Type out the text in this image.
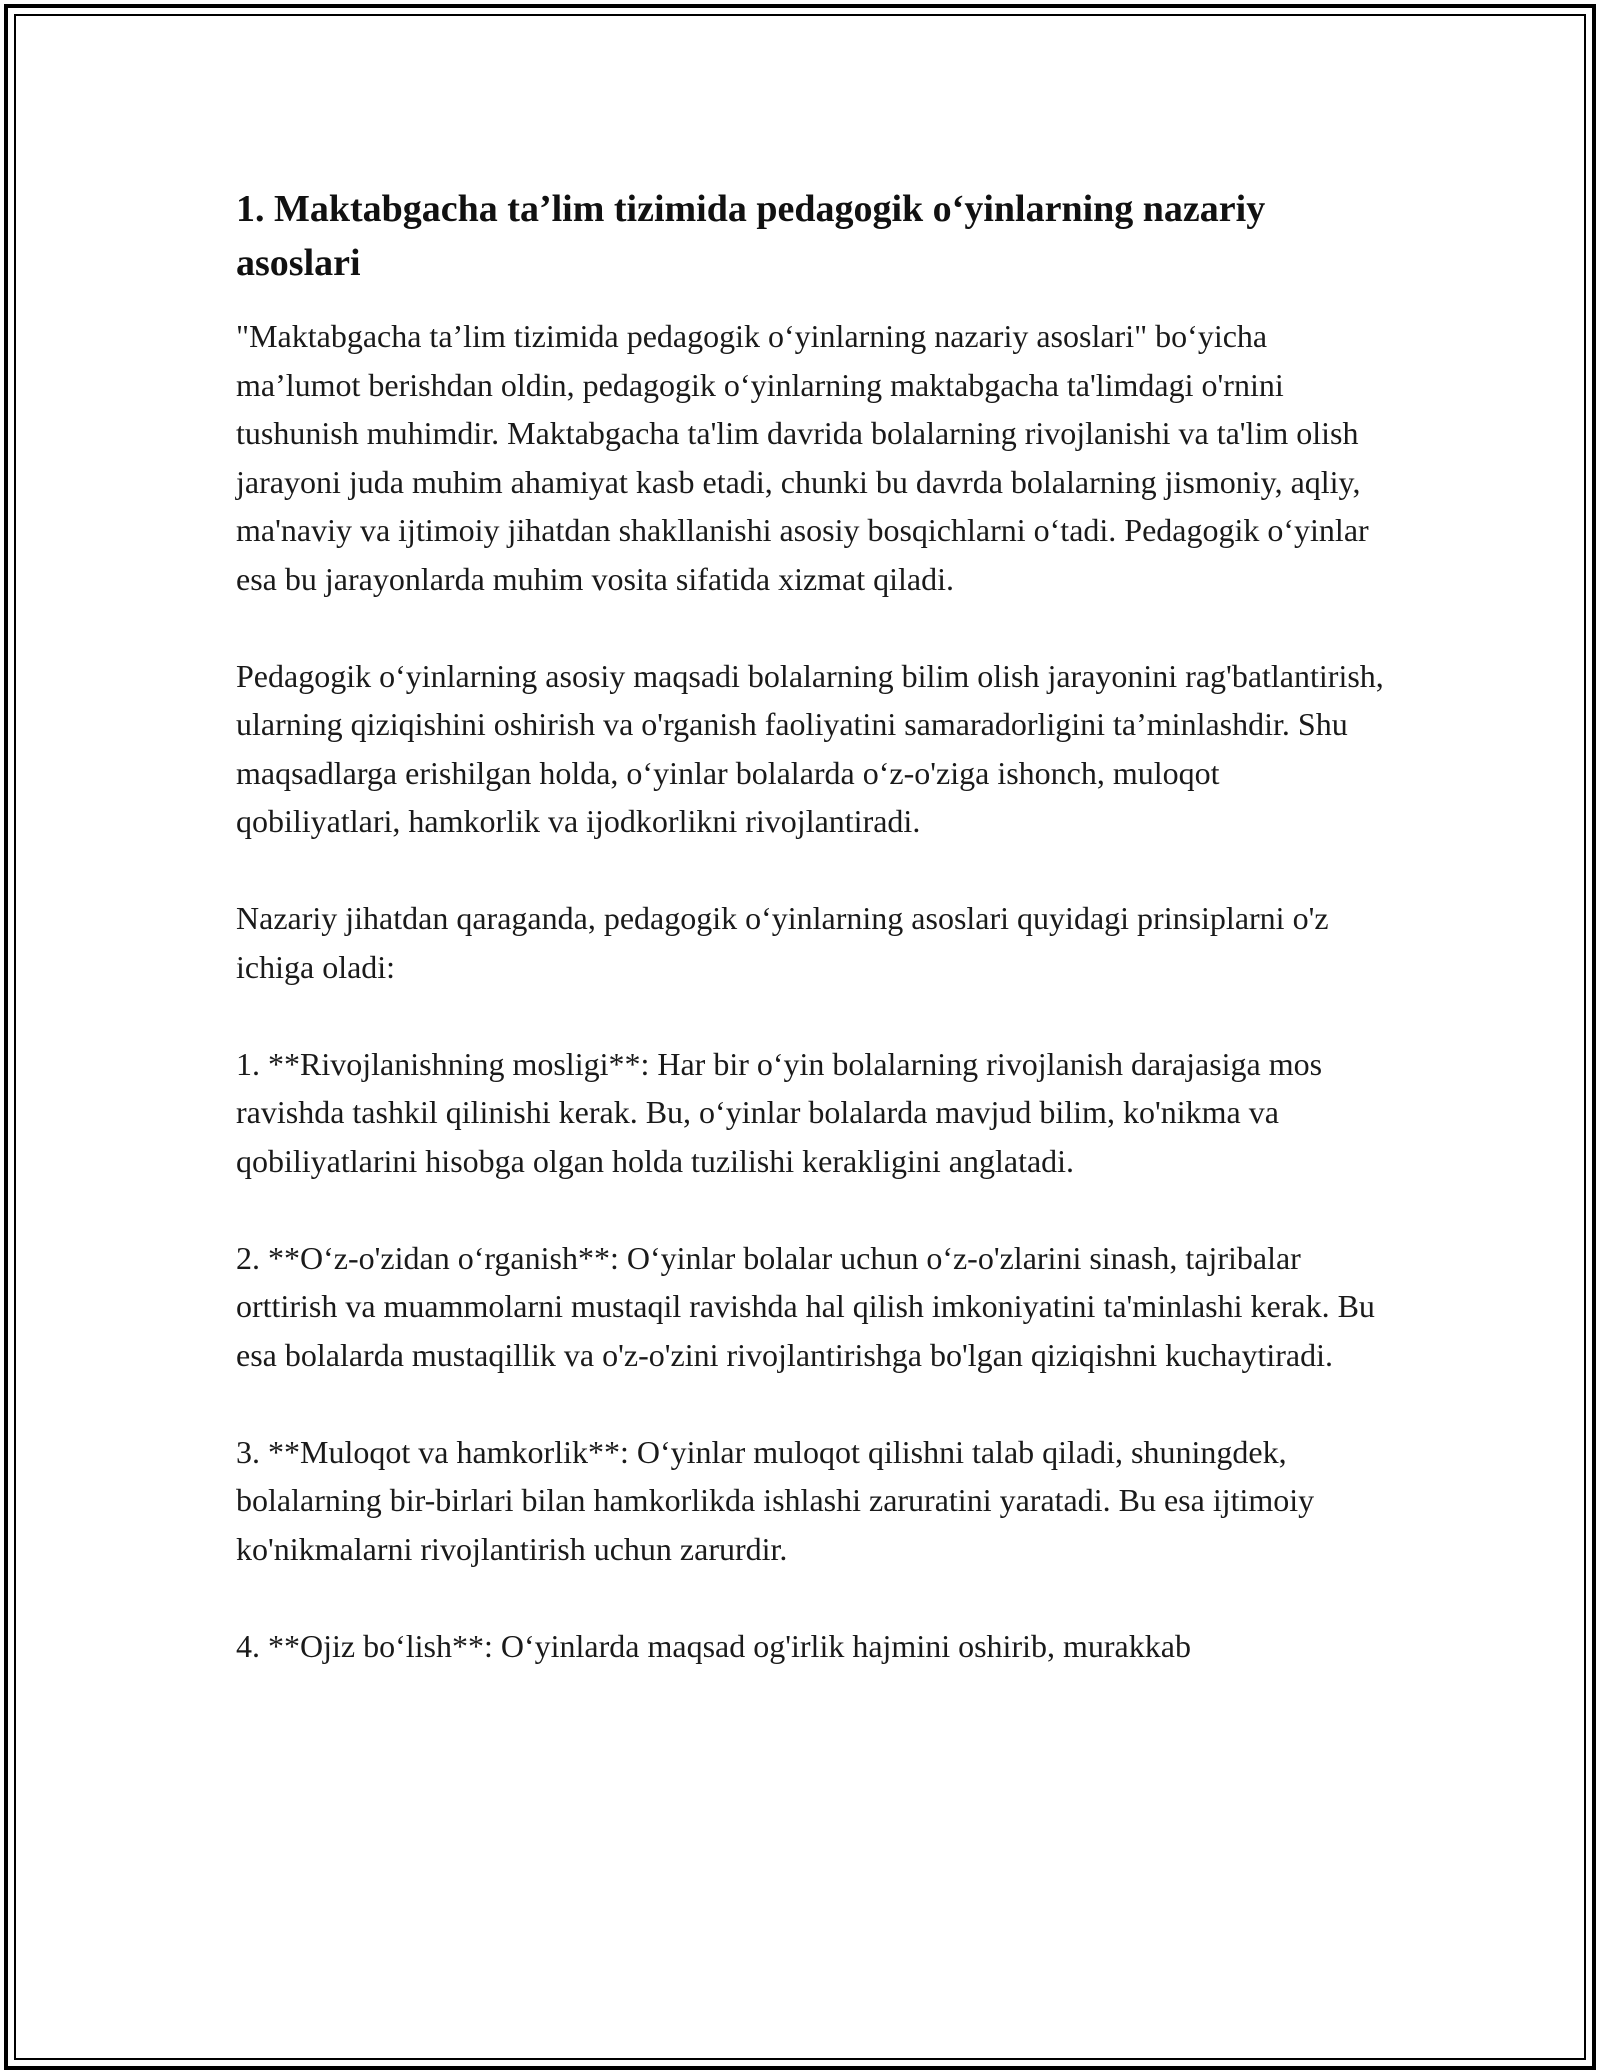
1. Maktabgacha ta’lim tizimida pedagogik o‘yinlarning nazariy asoslari

"Maktabgacha ta’lim tizimida pedagogik o‘yinlarning nazariy asoslari" bo‘yicha ma’lumot berishdan oldin, pedagogik o‘yinlarning maktabgacha ta'limdagi o'rnini tushunish muhimdir. Maktabgacha ta'lim davrida bolalarning rivojlanishi va ta'lim olish jarayoni juda muhim ahamiyat kasb etadi, chunki bu davrda bolalarning jismoniy, aqliy, ma'naviy va ijtimoiy jihatdan shakllanishi asosiy bosqichlarni o‘tadi. Pedagogik o‘yinlar esa bu jarayonlarda muhim vosita sifatida xizmat qiladi.

Pedagogik o‘yinlarning asosiy maqsadi bolalarning bilim olish jarayonini rag'batlantirish, ularning qiziqishini oshirish va o'rganish faoliyatini samaradorligini ta’minlashdir. Shu maqsadlarga erishilgan holda, o‘yinlar bolalarda o‘z-o'ziga ishonch, muloqot qobiliyatlari, hamkorlik va ijodkorlikni rivojlantiradi.

Nazariy jihatdan qaraganda, pedagogik o‘yinlarning asoslari quyidagi prinsiplarni o'z ichiga oladi:

1. **Rivojlanishning mosligi**: Har bir o‘yin bolalarning rivojlanish darajasiga mos ravishda tashkil qilinishi kerak. Bu, o‘yinlar bolalarda mavjud bilim, ko'nikma va qobiliyatlarini hisobga olgan holda tuzilishi kerakligini anglatadi.

2. **O‘z-o'zidan o‘rganish**: O‘yinlar bolalar uchun o‘z-o'zlarini sinash, tajribalar orttirish va muammolarni mustaqil ravishda hal qilish imkoniyatini ta'minlashi kerak. Bu esa bolalarda mustaqillik va o'z-o'zini rivojlantirishga bo'lgan qiziqishni kuchaytiradi.

3. **Muloqot va hamkorlik**: O‘yinlar muloqot qilishni talab qiladi, shuningdek, bolalarning bir-birlari bilan hamkorlikda ishlashi zaruratini yaratadi. Bu esa ijtimoiy ko'nikmalarni rivojlantirish uchun zarurdir.

4. **Ojiz bo‘lish**: O‘yinlarda maqsad og'irlik hajmini oshirib, murakkab
